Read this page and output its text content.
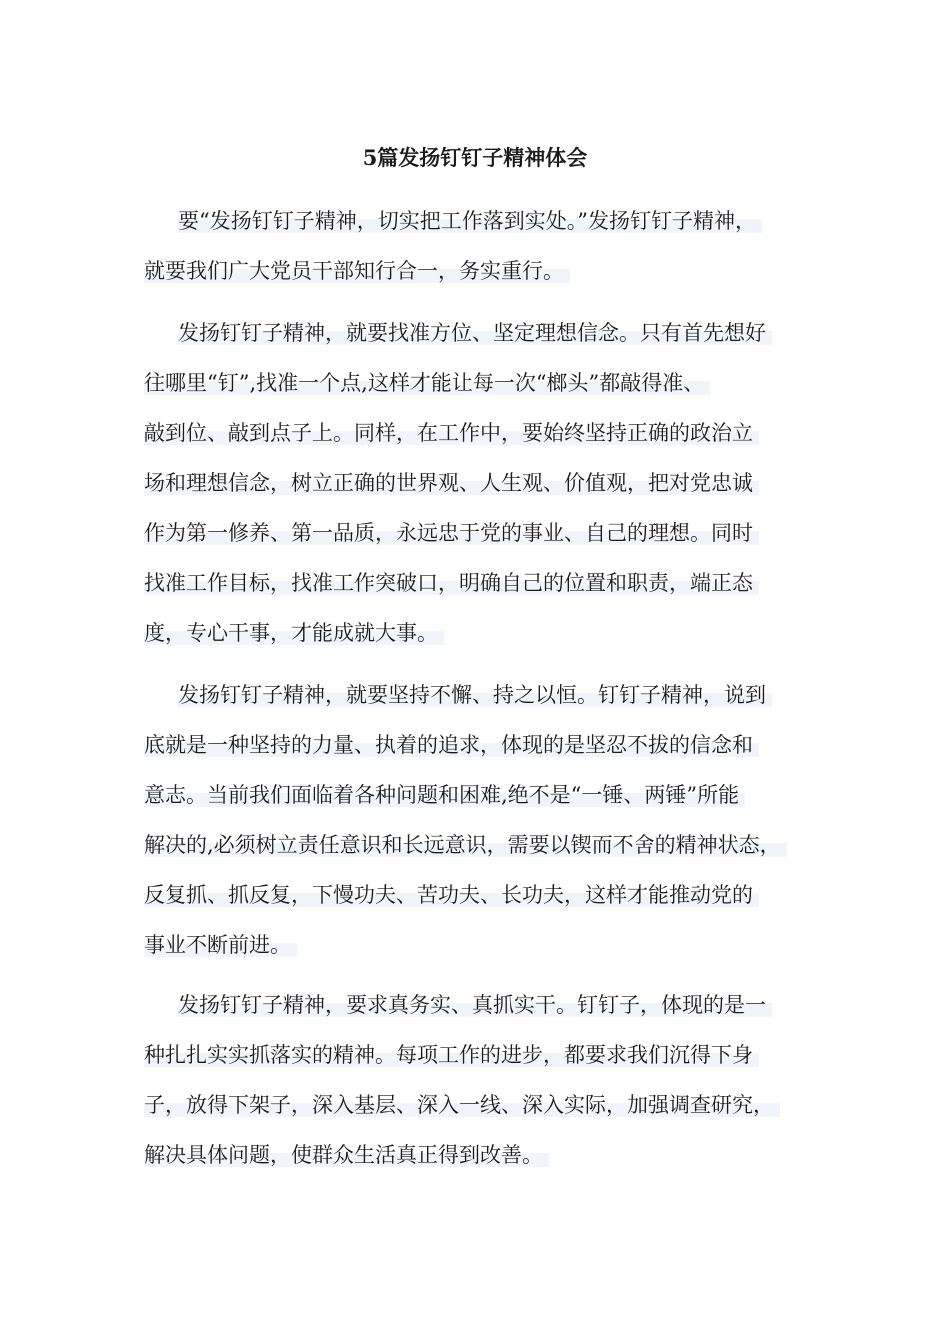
5篇发扬钉钉子精神体会
要“发扬钉钉子精神，切实把工作落到实处。”发扬钉钉子精神，
就要我们广大党员干部知行合一，务实重行。
发扬钉钉子精神，就要找准方位、坚定理想信念。只有首先想好
往哪里“钉”,找准一个点,这样才能让每一次“榔头”都敲得准、
敲到位、敲到点子上。同样，在工作中，要始终坚持正确的政治立
场和理想信念，树立正确的世界观、人生观、价值观，把对党忠诚
作为第一修养、第一品质，永远忠于党的事业、自己的理想。同时
找准工作目标，找准工作突破口，明确自己的位置和职责，端正态
度，专心干事，才能成就大事。
发扬钉钉子精神，就要坚持不懈、持之以恒。钉钉子精神，说到
底就是一种坚持的力量、执着的追求，体现的是坚忍不拔的信念和
意志。当前我们面临着各种问题和困难,绝不是“一锤、两锤”所能
解决的,必须树立责任意识和长远意识，需要以锲而不舍的精神状态，
反复抓、抓反复，下慢功夫、苦功夫、长功夫，这样才能推动党的
事业不断前进。
发扬钉钉子精神，要求真务实、真抓实干。钉钉子，体现的是一
种扎扎实实抓落实的精神。每项工作的进步，都要求我们沉得下身
子，放得下架子，深入基层、深入一线、深入实际，加强调查研究，
解决具体问题，使群众生活真正得到改善。
